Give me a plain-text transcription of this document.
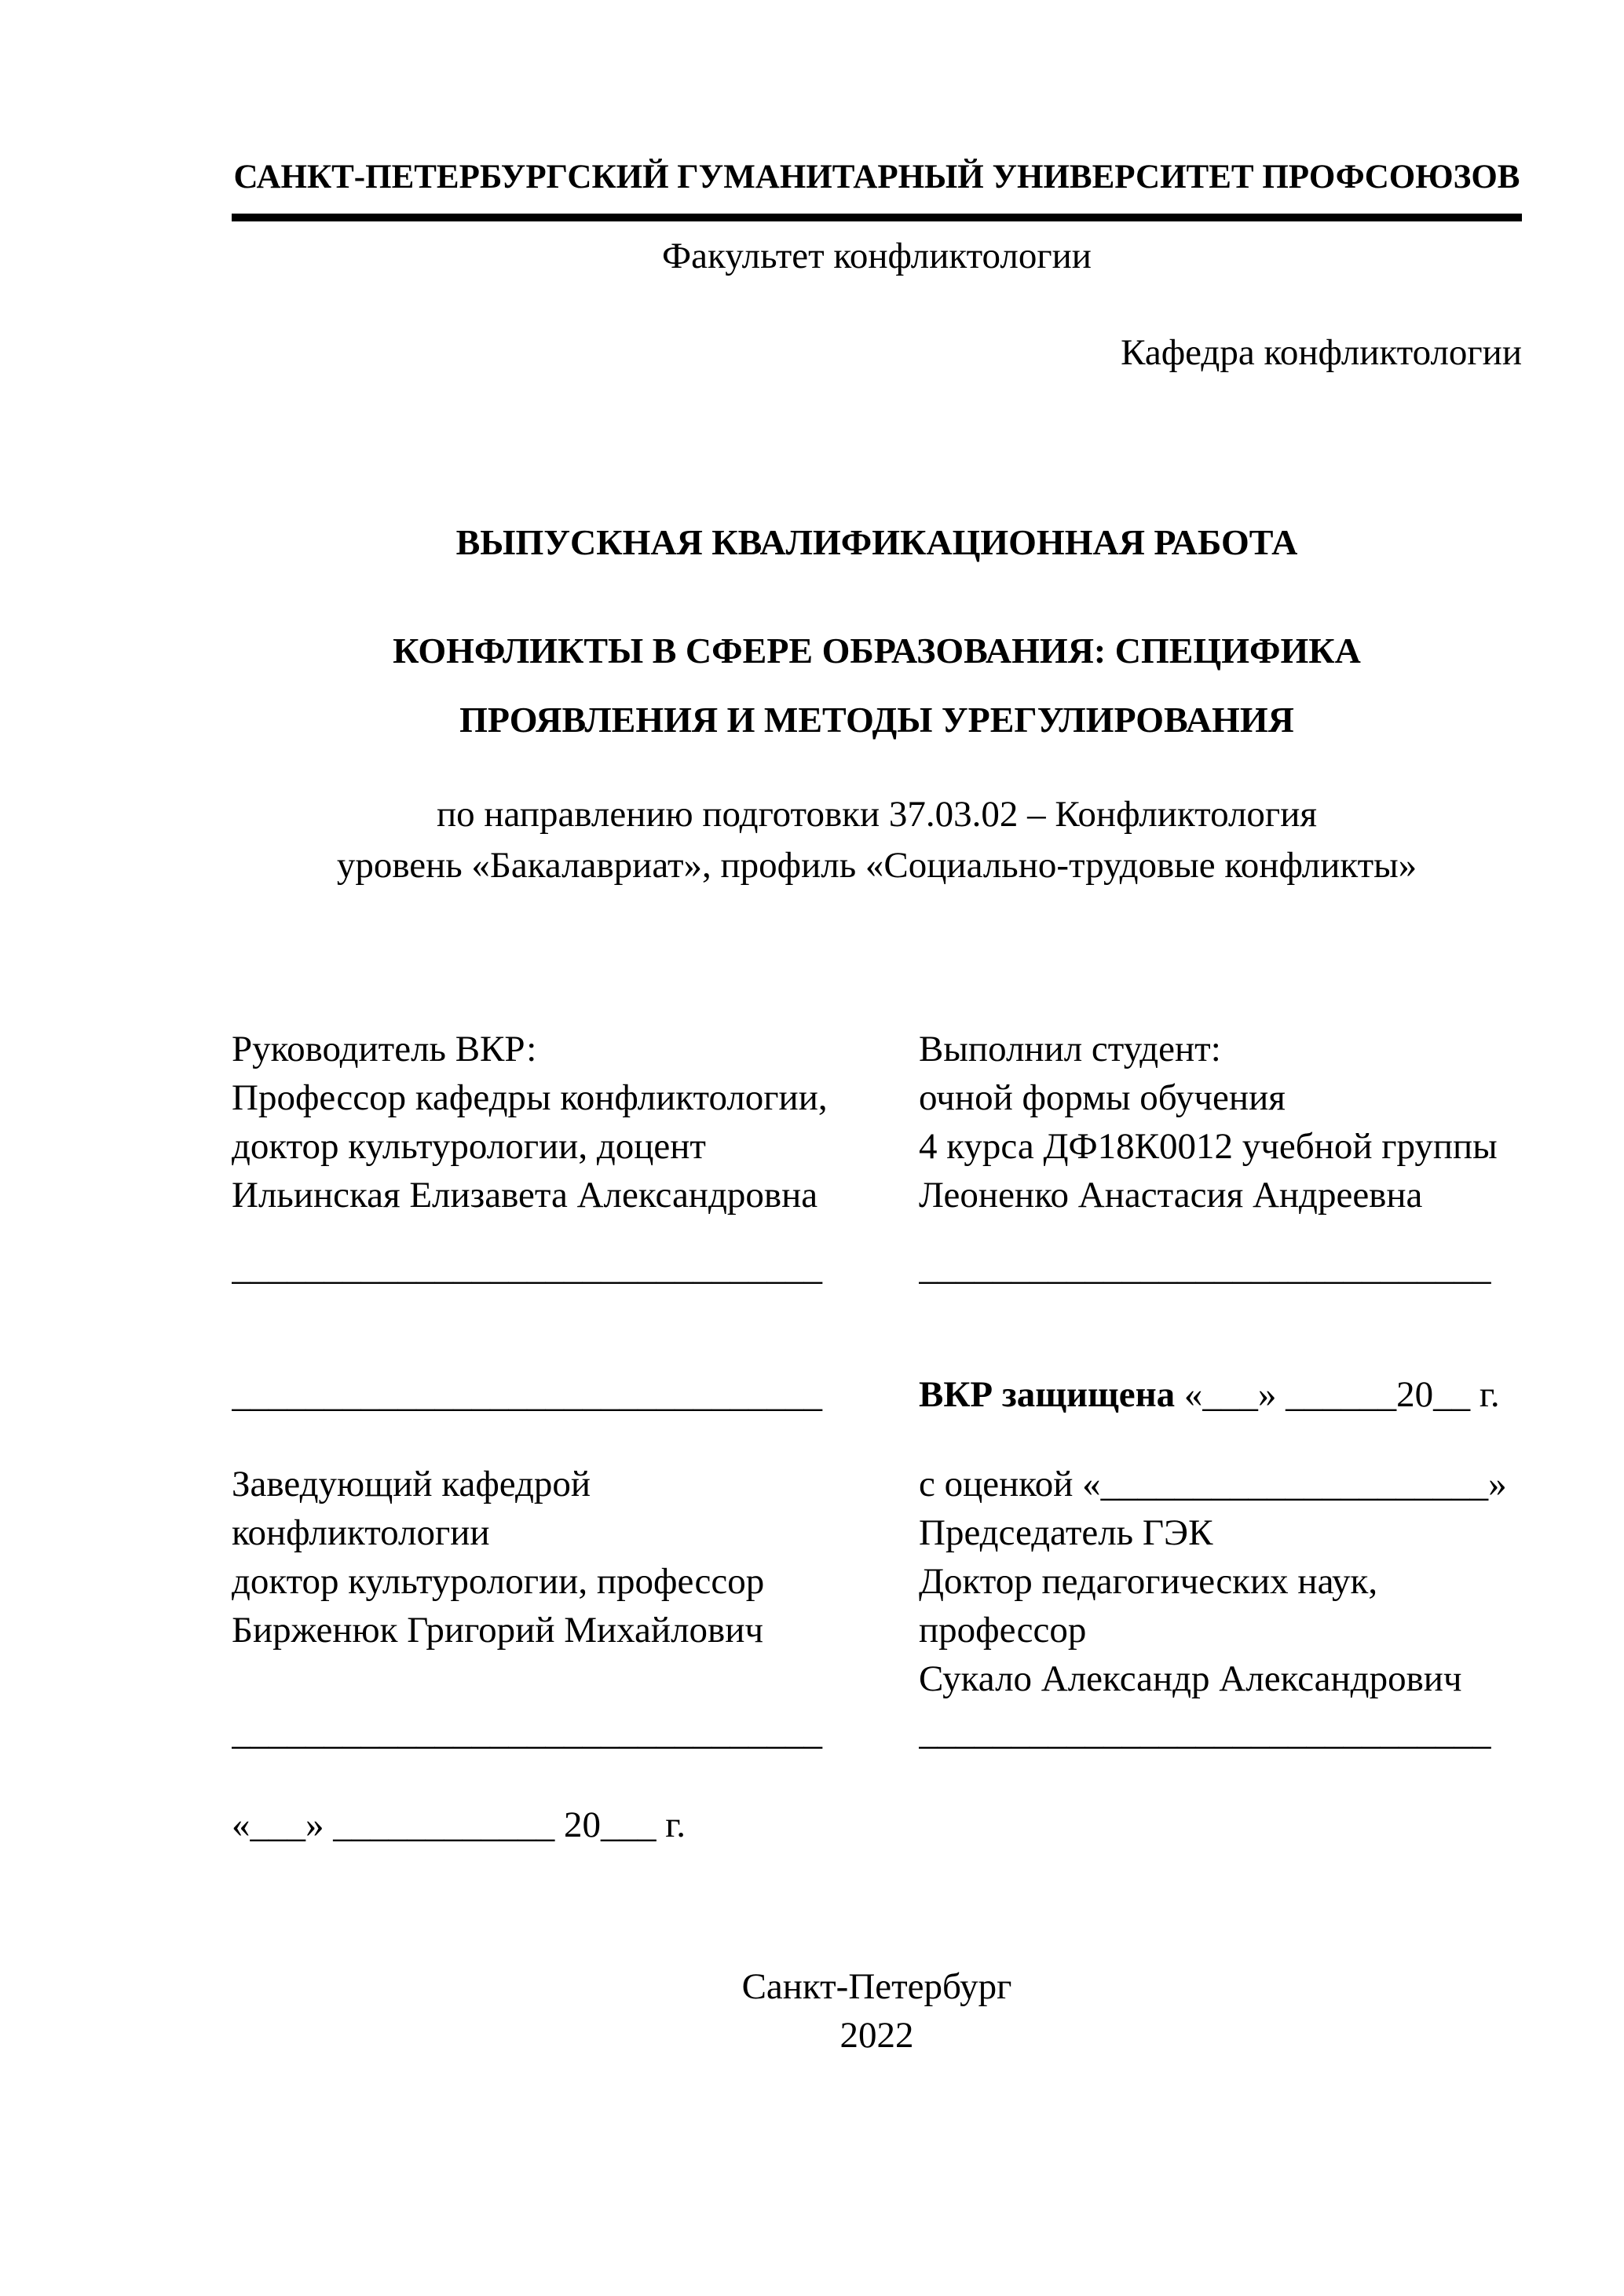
САНКТ-ПЕТЕРБУРГСКИЙ ГУМАНИТАРНЫЙ УНИВЕРСИТЕТ ПРОФСОЮЗОВ
Факультет конфликтологии
Кафедра конфликтологии
ВЫПУСКНАЯ КВАЛИФИКАЦИОННАЯ РАБОТА
КОНФЛИКТЫ В СФЕРЕ ОБРАЗОВАНИЯ: СПЕЦИФИКА
ПРОЯВЛЕНИЯ И МЕТОДЫ УРЕГУЛИРОВАНИЯ
по направлению подготовки 37.03.02 – Конфликтология
уровень «Бакалавриат», профиль «Социально-трудовые конфликты»
Руководитель ВКР:
Профессор кафедры конфликтологии,
доктор культурологии, доцент
Ильинская Елизавета Александровна
________________________________
________________________________
Заведующий кафедрой
конфликтологии
доктор культурологии, профессор
Бирженюк Григорий Михайлович
________________________________
«___» ____________ 20___ г.
Выполнил студент:
очной формы обучения
4 курса ДФ18К0012 учебной группы
Леоненко Анастасия Андреевна
_______________________________
ВКР защищена «___» ______20__ г.
с оценкой «_____________________»
Председатель ГЭК
Доктор педагогических наук,
профессор
Сукало Александр Александрович
_______________________________
Санкт-Петербург
2022
